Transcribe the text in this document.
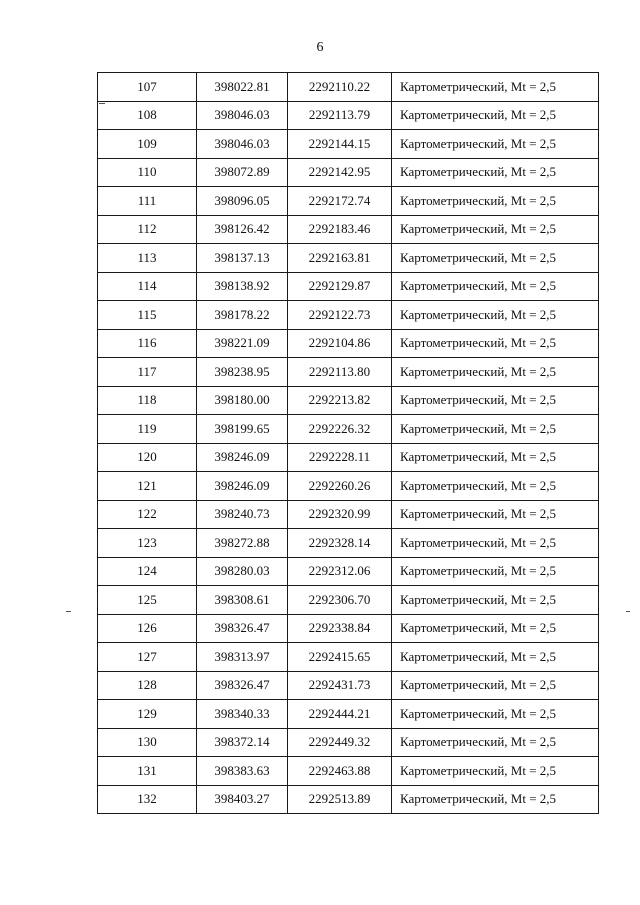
6
107	398022.81	2292110.22	Картометрический, Mt = 2,5
108	398046.03	2292113.79	Картометрический, Mt = 2,5
109	398046.03	2292144.15	Картометрический, Mt = 2,5
110	398072.89	2292142.95	Картометрический, Mt = 2,5
111	398096.05	2292172.74	Картометрический, Mt = 2,5
112	398126.42	2292183.46	Картометрический, Mt = 2,5
113	398137.13	2292163.81	Картометрический, Mt = 2,5
114	398138.92	2292129.87	Картометрический, Mt = 2,5
115	398178.22	2292122.73	Картометрический, Mt = 2,5
116	398221.09	2292104.86	Картометрический, Mt = 2,5
117	398238.95	2292113.80	Картометрический, Mt = 2,5
118	398180.00	2292213.82	Картометрический, Mt = 2,5
119	398199.65	2292226.32	Картометрический, Mt = 2,5
120	398246.09	2292228.11	Картометрический, Mt = 2,5
121	398246.09	2292260.26	Картометрический, Mt = 2,5
122	398240.73	2292320.99	Картометрический, Mt = 2,5
123	398272.88	2292328.14	Картометрический, Mt = 2,5
124	398280.03	2292312.06	Картометрический, Mt = 2,5
125	398308.61	2292306.70	Картометрический, Mt = 2,5
126	398326.47	2292338.84	Картометрический, Mt = 2,5
127	398313.97	2292415.65	Картометрический, Mt = 2,5
128	398326.47	2292431.73	Картометрический, Mt = 2,5
129	398340.33	2292444.21	Картометрический, Mt = 2,5
130	398372.14	2292449.32	Картометрический, Mt = 2,5
131	398383.63	2292463.88	Картометрический, Mt = 2,5
132	398403.27	2292513.89	Картометрический, Mt = 2,5
